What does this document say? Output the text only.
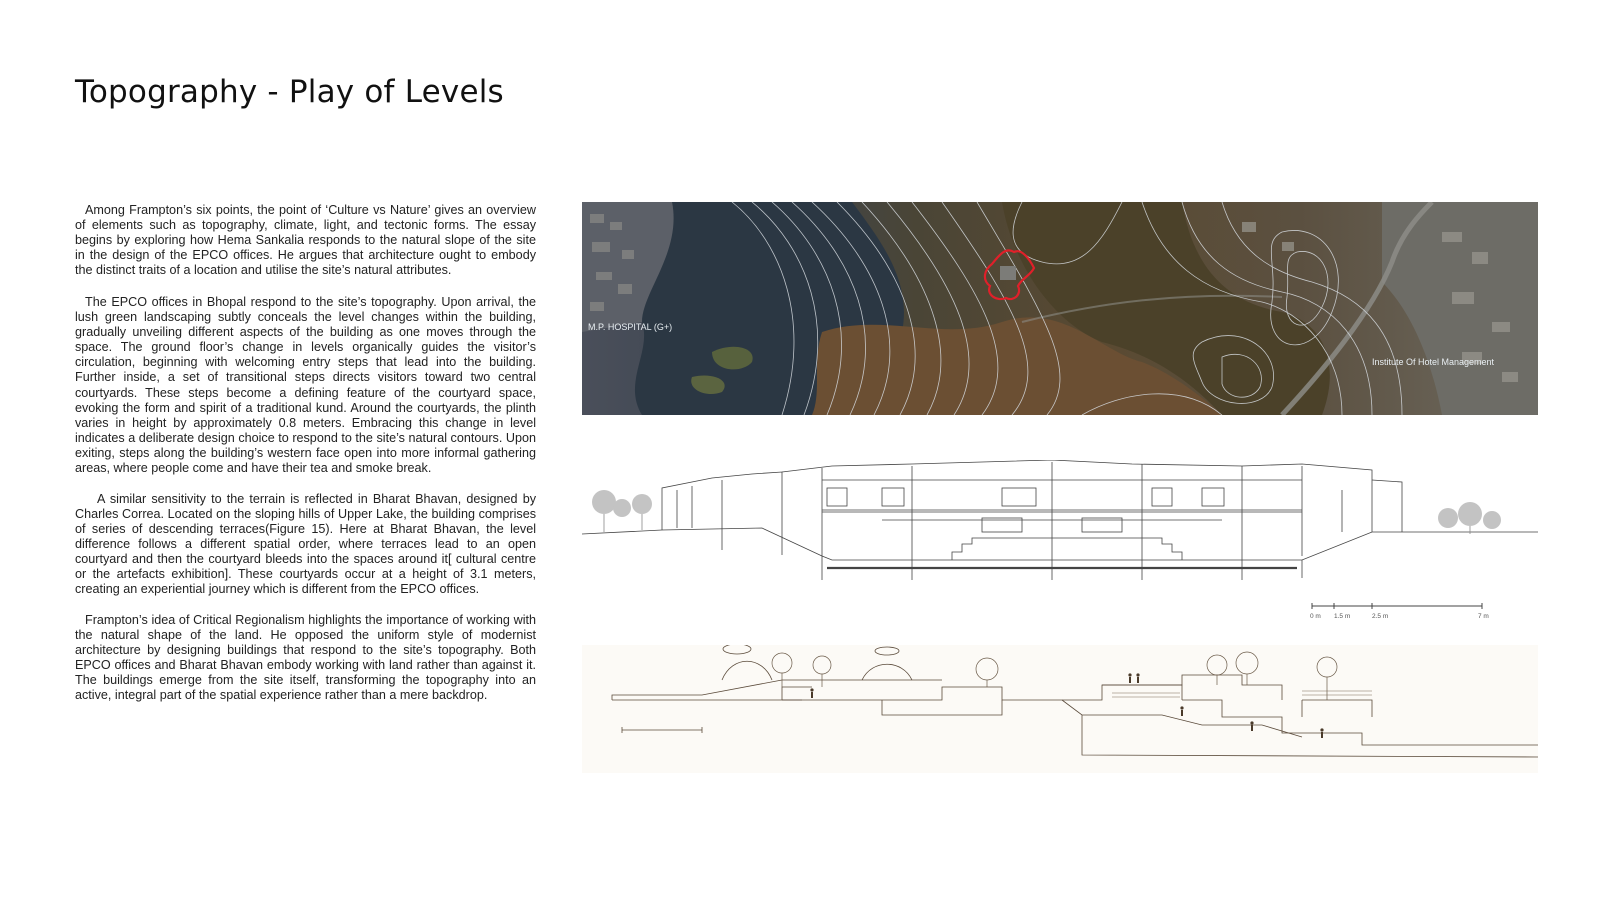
Topography - Play of Levels

Among Frampton’s six points, the point of ‘Culture vs Nature’ gives an overview of elements such as topography, climate, light, and tectonic forms. The essay begins by exploring how Hema Sankalia responds to the natural slope of the site in the design of the EPCO offices. He argues that architecture ought to embody the distinct traits of a location and utilise the site’s natural attributes.

The EPCO offices in Bhopal respond to the site’s topography. Upon arrival, the lush green landscaping subtly conceals the level changes within the building, gradually unveiling different aspects of the building as one moves through the space. The ground floor’s change in levels organically guides the visitor’s circulation, beginning with welcoming entry steps that lead into the building. Further inside, a set of transitional steps directs visitors toward two central courtyards. These steps become a defining feature of the courtyard space, evoking the form and spirit of a traditional kund. Around the courtyards, the plinth varies in height by approximately 0.8 meters. Embracing this change in level indicates a deliberate design choice to respond to the site’s natural contours. Upon exiting, steps along the building’s western face open into more informal gathering areas, where people come and have their tea and smoke break.

A similar sensitivity to the terrain is reflected in Bharat Bhavan, designed by Charles Correa. Located on the sloping hills of Upper Lake, the building comprises of series of descending terraces(Figure 15). Here at Bharat Bhavan, the level difference follows a different spatial order, where terraces lead to an open courtyard and then the courtyard bleeds into the spaces around it[ cultural centre or the artefacts exhibition]. These courtyards occur at a height of 3.1 meters, creating an experiential journey which is different from the EPCO offices.

Frampton’s idea of Critical Regionalism highlights the importance of working with the natural shape of the land. He opposed the uniform style of modernist architecture by designing buildings that respond to the site’s topography. Both EPCO offices and Bharat Bhavan embody working with land rather than against it. The buildings emerge from the site itself, transforming the topography into an active, integral part of the spatial experience rather than a mere backdrop.

M.P. HOSPITAL (G+)
Institute Of Hotel Management
0 m 1.5 m	2.5 m	7 m
